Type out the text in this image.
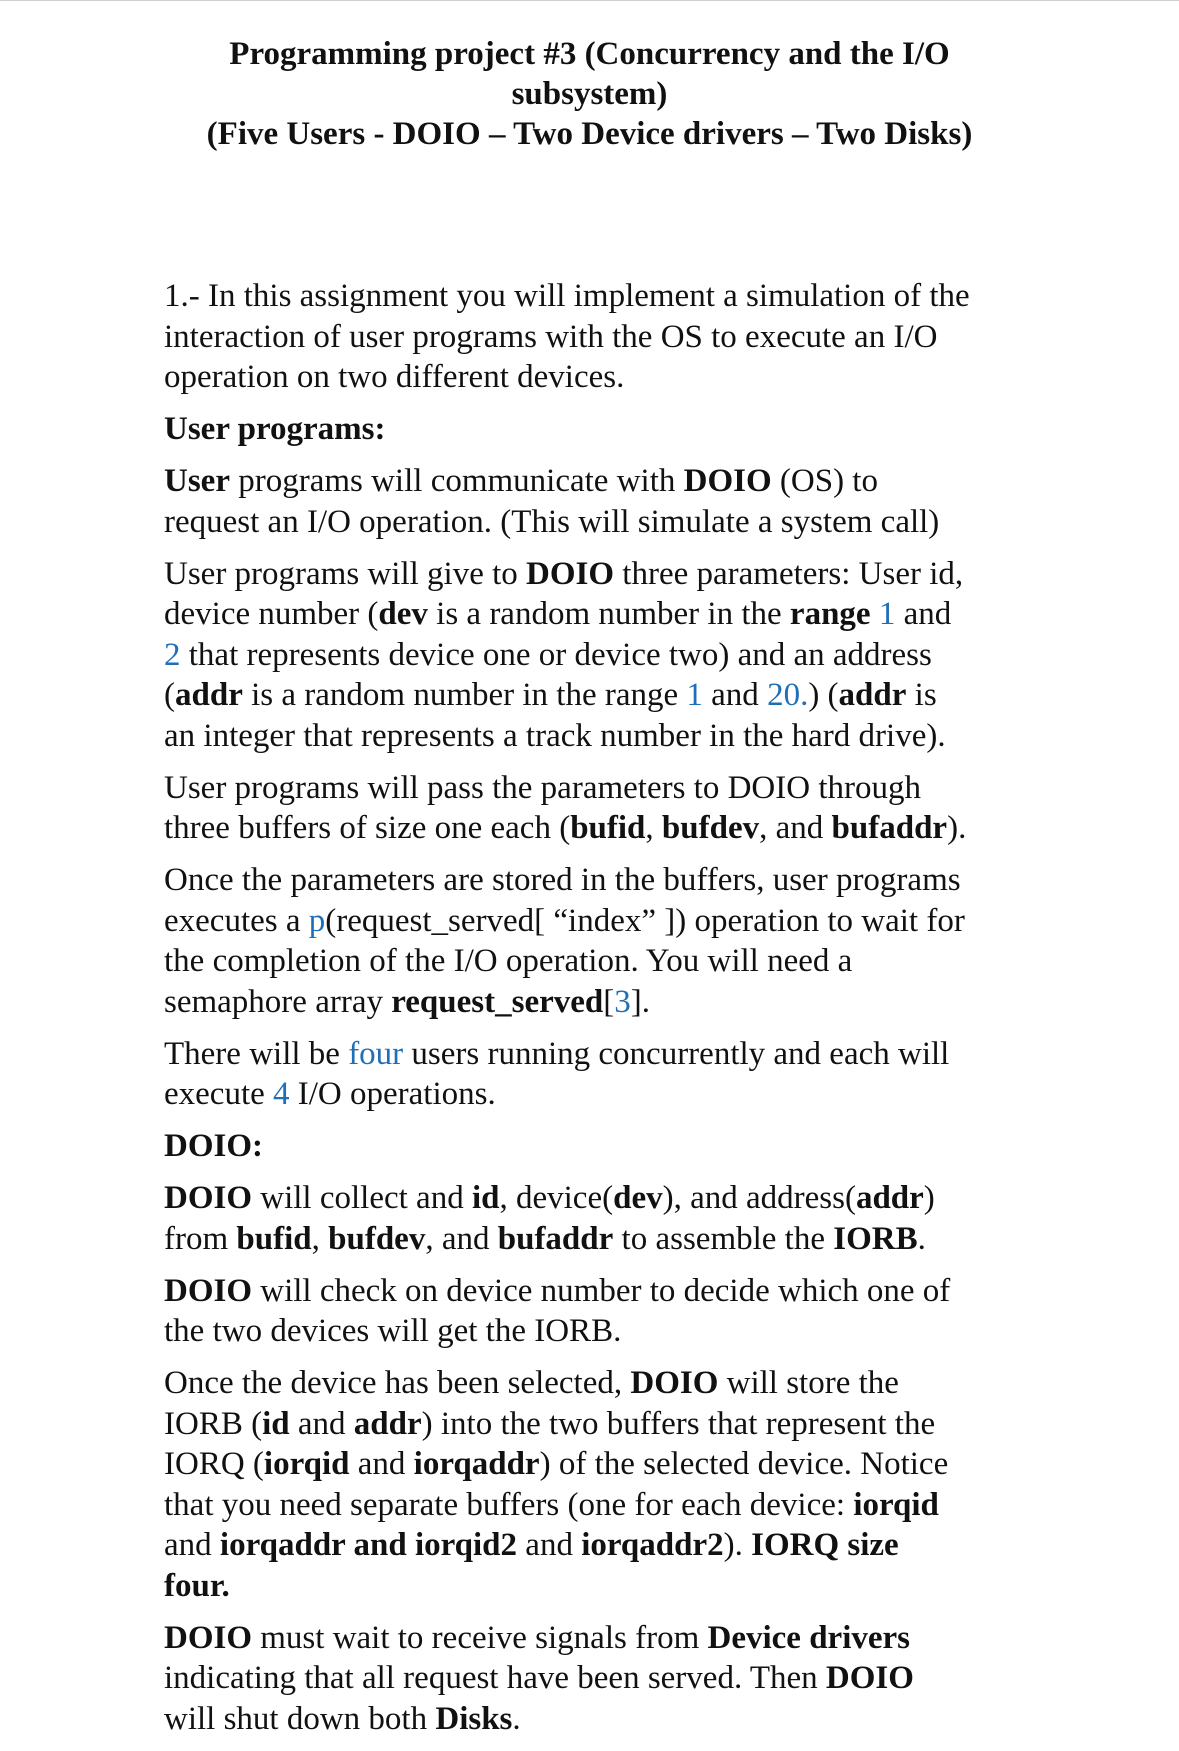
Programming project #3 (Concurrency and the I/O
subsystem)
(Five Users - DOIO – Two Device drivers – Two Disks)

1.- In this assignment you will implement a simulation of the
interaction of user programs with the OS to execute an I/O
operation on two different devices.

User programs:

User programs will communicate with DOIO (OS) to
request an I/O operation. (This will simulate a system call)

User programs will give to DOIO three parameters: User id,
device number (dev is a random number in the range 1 and
2 that represents device one or device two) and an address
(addr is a random number in the range 1 and 20.) (addr is
an integer that represents a track number in the hard drive).

User programs will pass the parameters to DOIO through
three buffers of size one each (bufid, bufdev, and bufaddr).

Once the parameters are stored in the buffers, user programs
executes a p(request_served[ “index” ]) operation to wait for
the completion of the I/O operation. You will need a
semaphore array request_served[3].

There will be four users running concurrently and each will
execute 4 I/O operations.

DOIO:

DOIO will collect and id, device(dev), and address(addr)
from bufid, bufdev, and bufaddr to assemble the IORB.

DOIO will check on device number to decide which one of
the two devices will get the IORB.

Once the device has been selected, DOIO will store the
IORB (id and addr) into the two buffers that represent the
IORQ (iorqid and iorqaddr) of the selected device. Notice
that you need separate buffers (one for each device: iorqid
and iorqaddr and iorqid2 and iorqaddr2). IORQ size
four.

DOIO must wait to receive signals from Device drivers
indicating that all request have been served. Then DOIO
will shut down both Disks.
